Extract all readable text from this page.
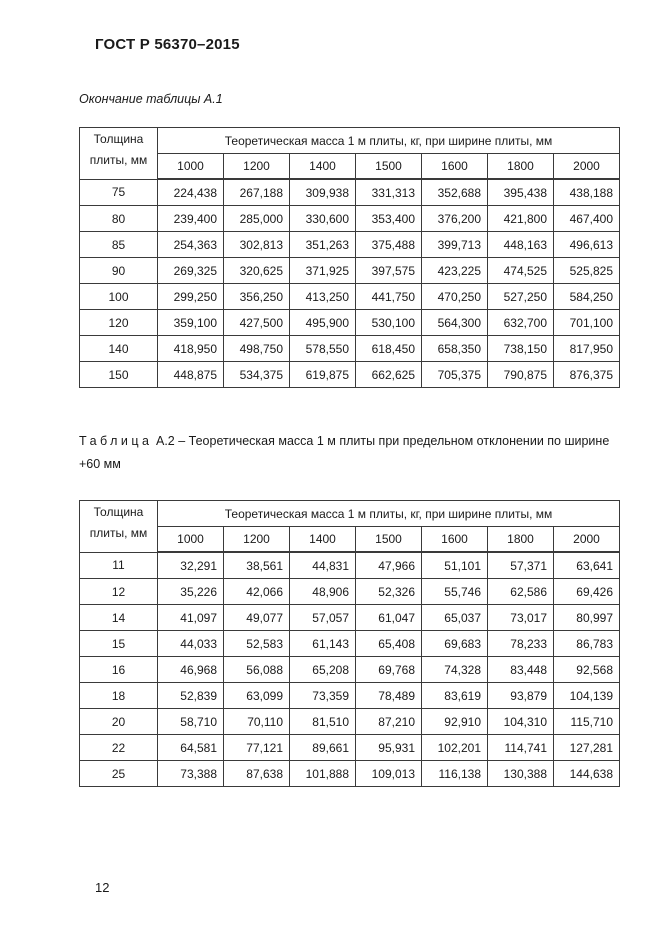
ГОСТ Р 56370–2015
Окончание таблицы А.1
Толщина
плиты, мм	Теоретическая масса 1 м плиты, кг, при ширине плиты, мм						
	1000	1200	1400	1500	1600	1800	2000
75	224,438	267,188	309,938	331,313	352,688	395,438	438,188
80	239,400	285,000	330,600	353,400	376,200	421,800	467,400
85	254,363	302,813	351,263	375,488	399,713	448,163	496,613
90	269,325	320,625	371,925	397,575	423,225	474,525	525,825
100	299,250	356,250	413,250	441,750	470,250	527,250	584,250
120	359,100	427,500	495,900	530,100	564,300	632,700	701,100
140	418,950	498,750	578,550	618,450	658,350	738,150	817,950
150	448,875	534,375	619,875	662,625	705,375	790,875	876,375
Таблица А.2 – Теоретическая масса 1 м плиты при предельном отклонении по ширине +60 мм
Толщина
плиты, мм	Теоретическая масса 1 м плиты, кг, при ширине плиты, мм						
	1000	1200	1400	1500	1600	1800	2000
11	32,291	38,561	44,831	47,966	51,101	57,371	63,641
12	35,226	42,066	48,906	52,326	55,746	62,586	69,426
14	41,097	49,077	57,057	61,047	65,037	73,017	80,997
15	44,033	52,583	61,143	65,408	69,683	78,233	86,783
16	46,968	56,088	65,208	69,768	74,328	83,448	92,568
18	52,839	63,099	73,359	78,489	83,619	93,879	104,139
20	58,710	70,110	81,510	87,210	92,910	104,310	115,710
22	64,581	77,121	89,661	95,931	102,201	114,741	127,281
25	73,388	87,638	101,888	109,013	116,138	130,388	144,638
12
